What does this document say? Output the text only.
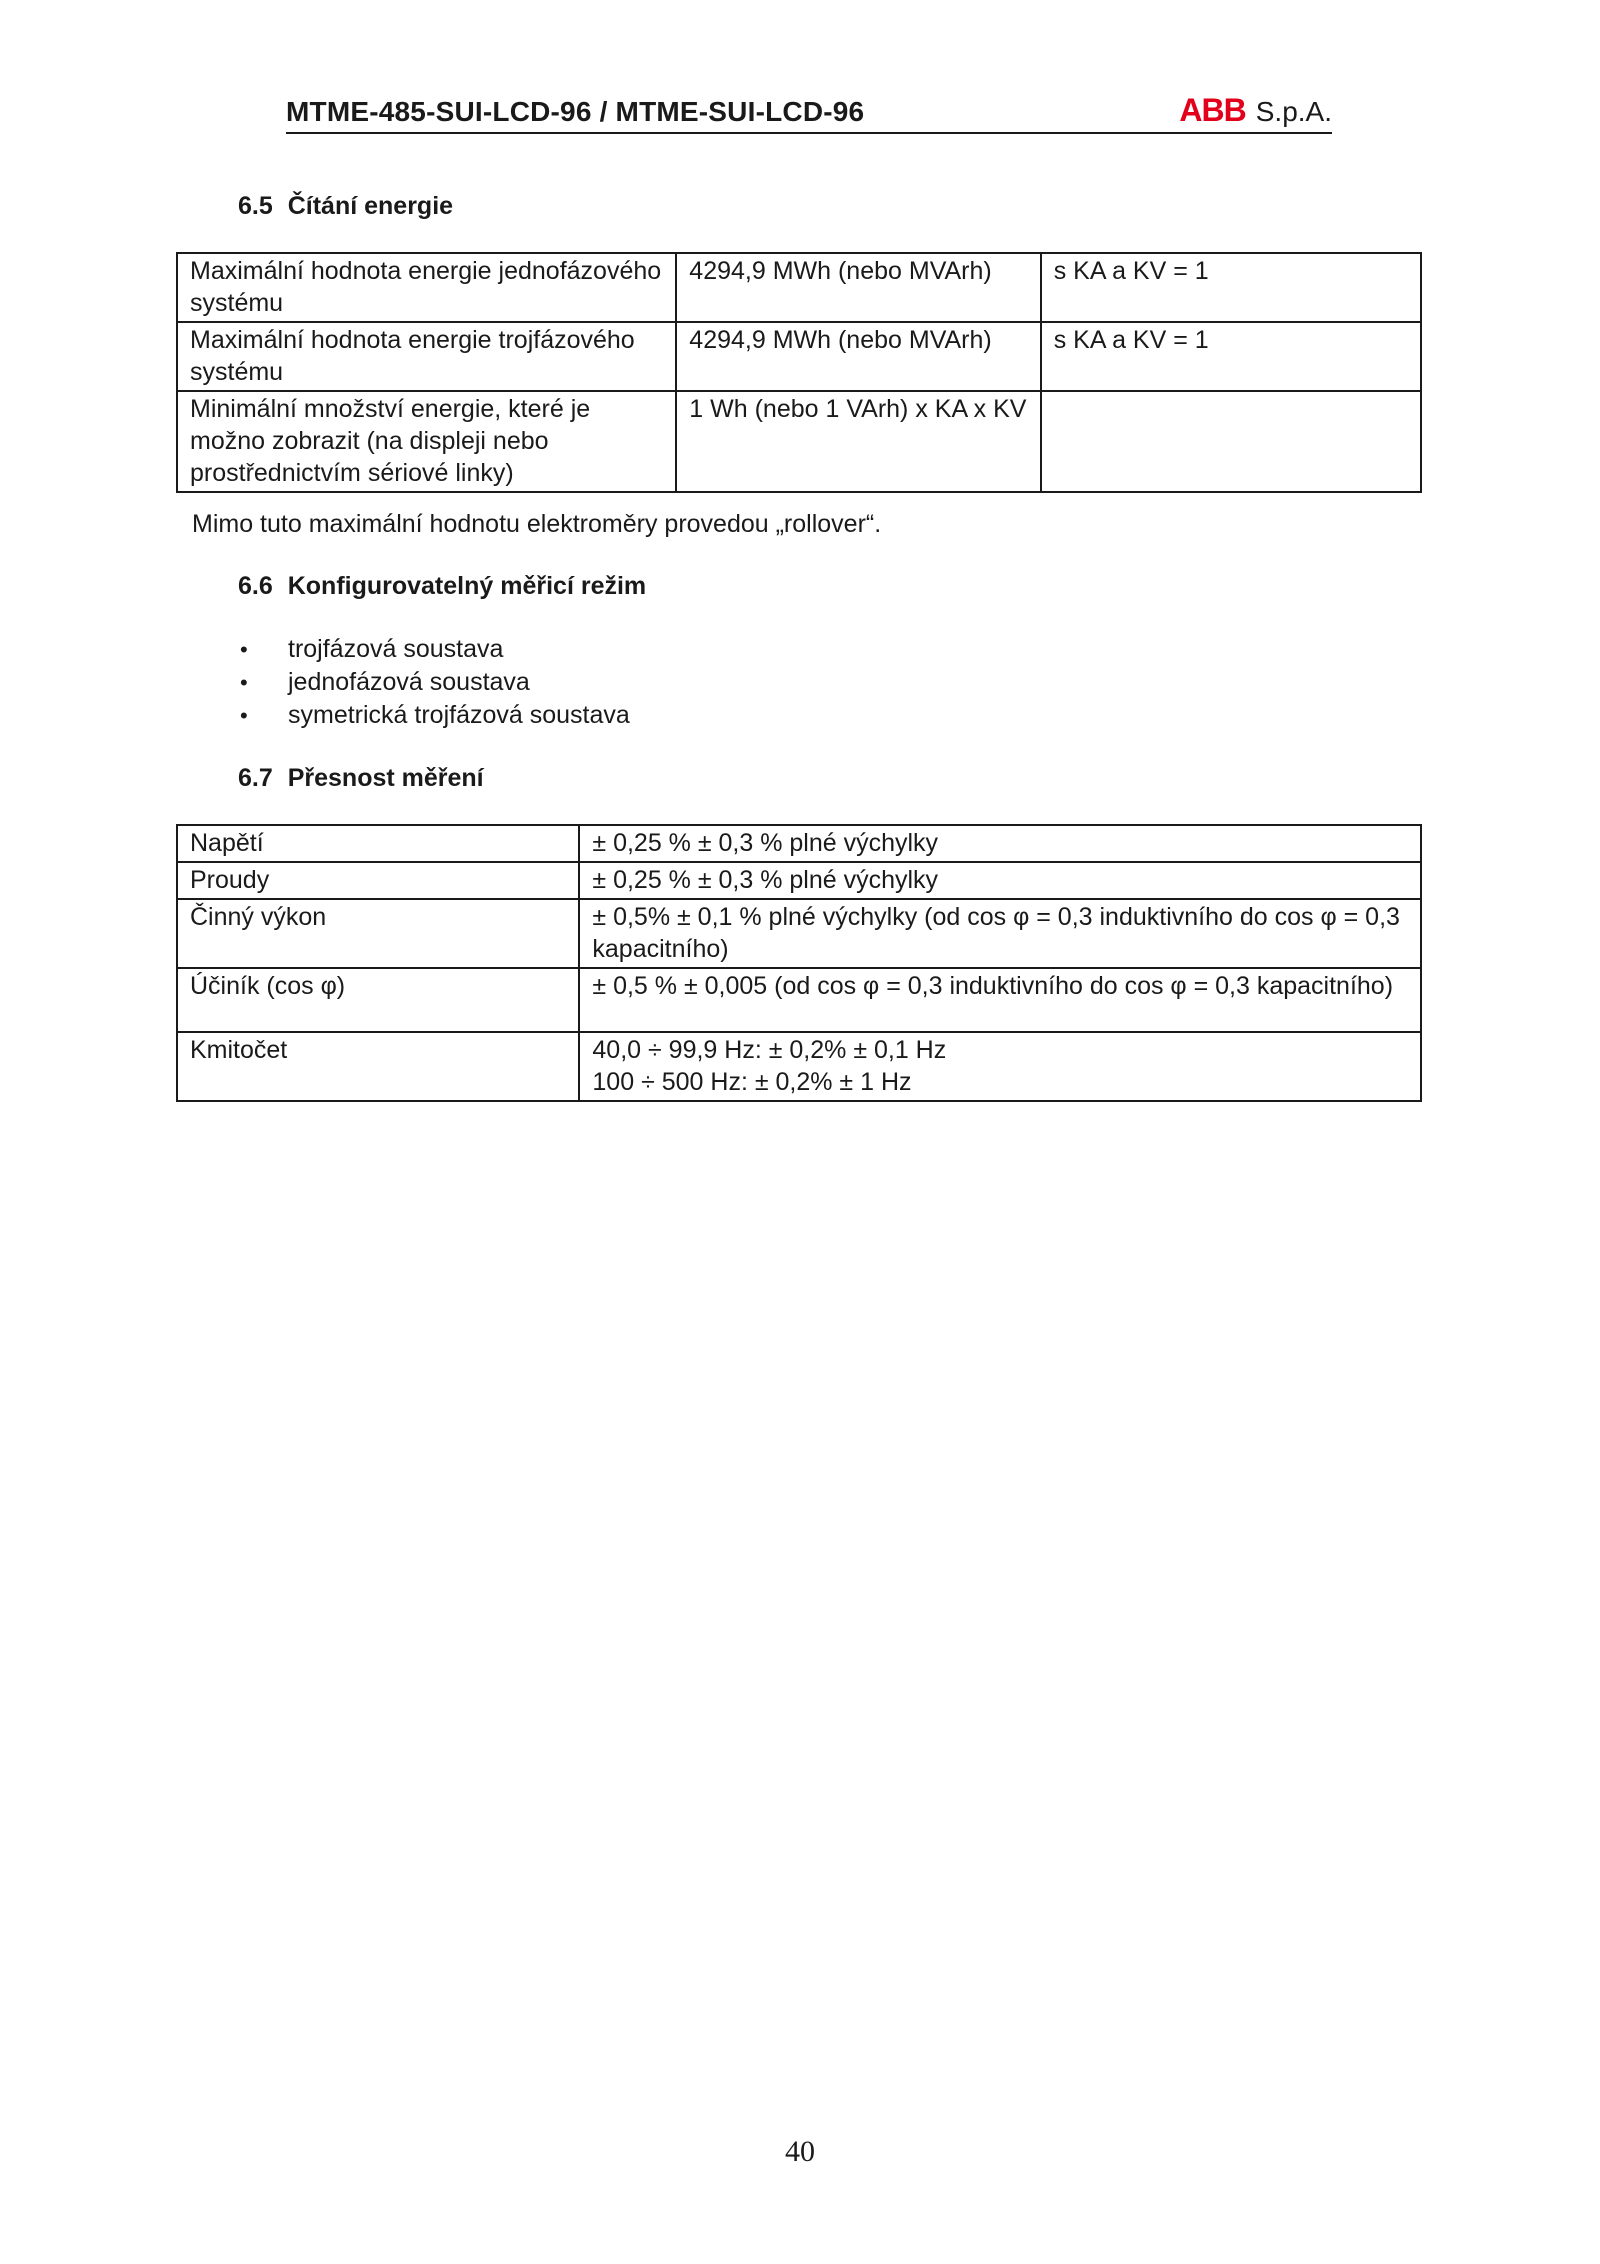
MTME-485-SUI-LCD-96 / MTME-SUI-LCD-96	ABB S.p.A.
6.5 Čítání energie
Maximální hodnota energie jednofázového systému	4294,9 MWh (nebo MVArh)	s KA a KV = 1
Maximální hodnota energie trojfázového systému	4294,9 MWh (nebo MVArh)	s KA a KV = 1
Minimální množství energie, které je možno zobrazit (na displeji nebo prostřednictvím sériové linky)	1 Wh (nebo 1 VArh) x KA x KV	
Mimo tuto maximální hodnotu elektroměry provedou „rollover“.
6.6 Konfigurovatelný měřicí režim
• trojfázová soustava
• jednofázová soustava
• symetrická trojfázová soustava
6.7 Přesnost měření
Napětí	± 0,25 % ± 0,3 % plné výchylky

Proudy	± 0,25 % ± 0,3 % plné výchylky

Činný výkon	± 0,5% ± 0,1 % plné výchylky (od cos φ = 0,3 induktivního do cos φ = 0,3 kapacitního)

Účiník (cos φ)	± 0,5 % ± 0,005 (od cos φ = 0,3 induktivního do cos φ = 0,3 kapacitního)

Kmitočet	40,0 ÷ 99,9 Hz: ± 0,2% ± 0,1 Hz
100 ÷ 500 Hz: ± 0,2% ± 1 Hz
40
